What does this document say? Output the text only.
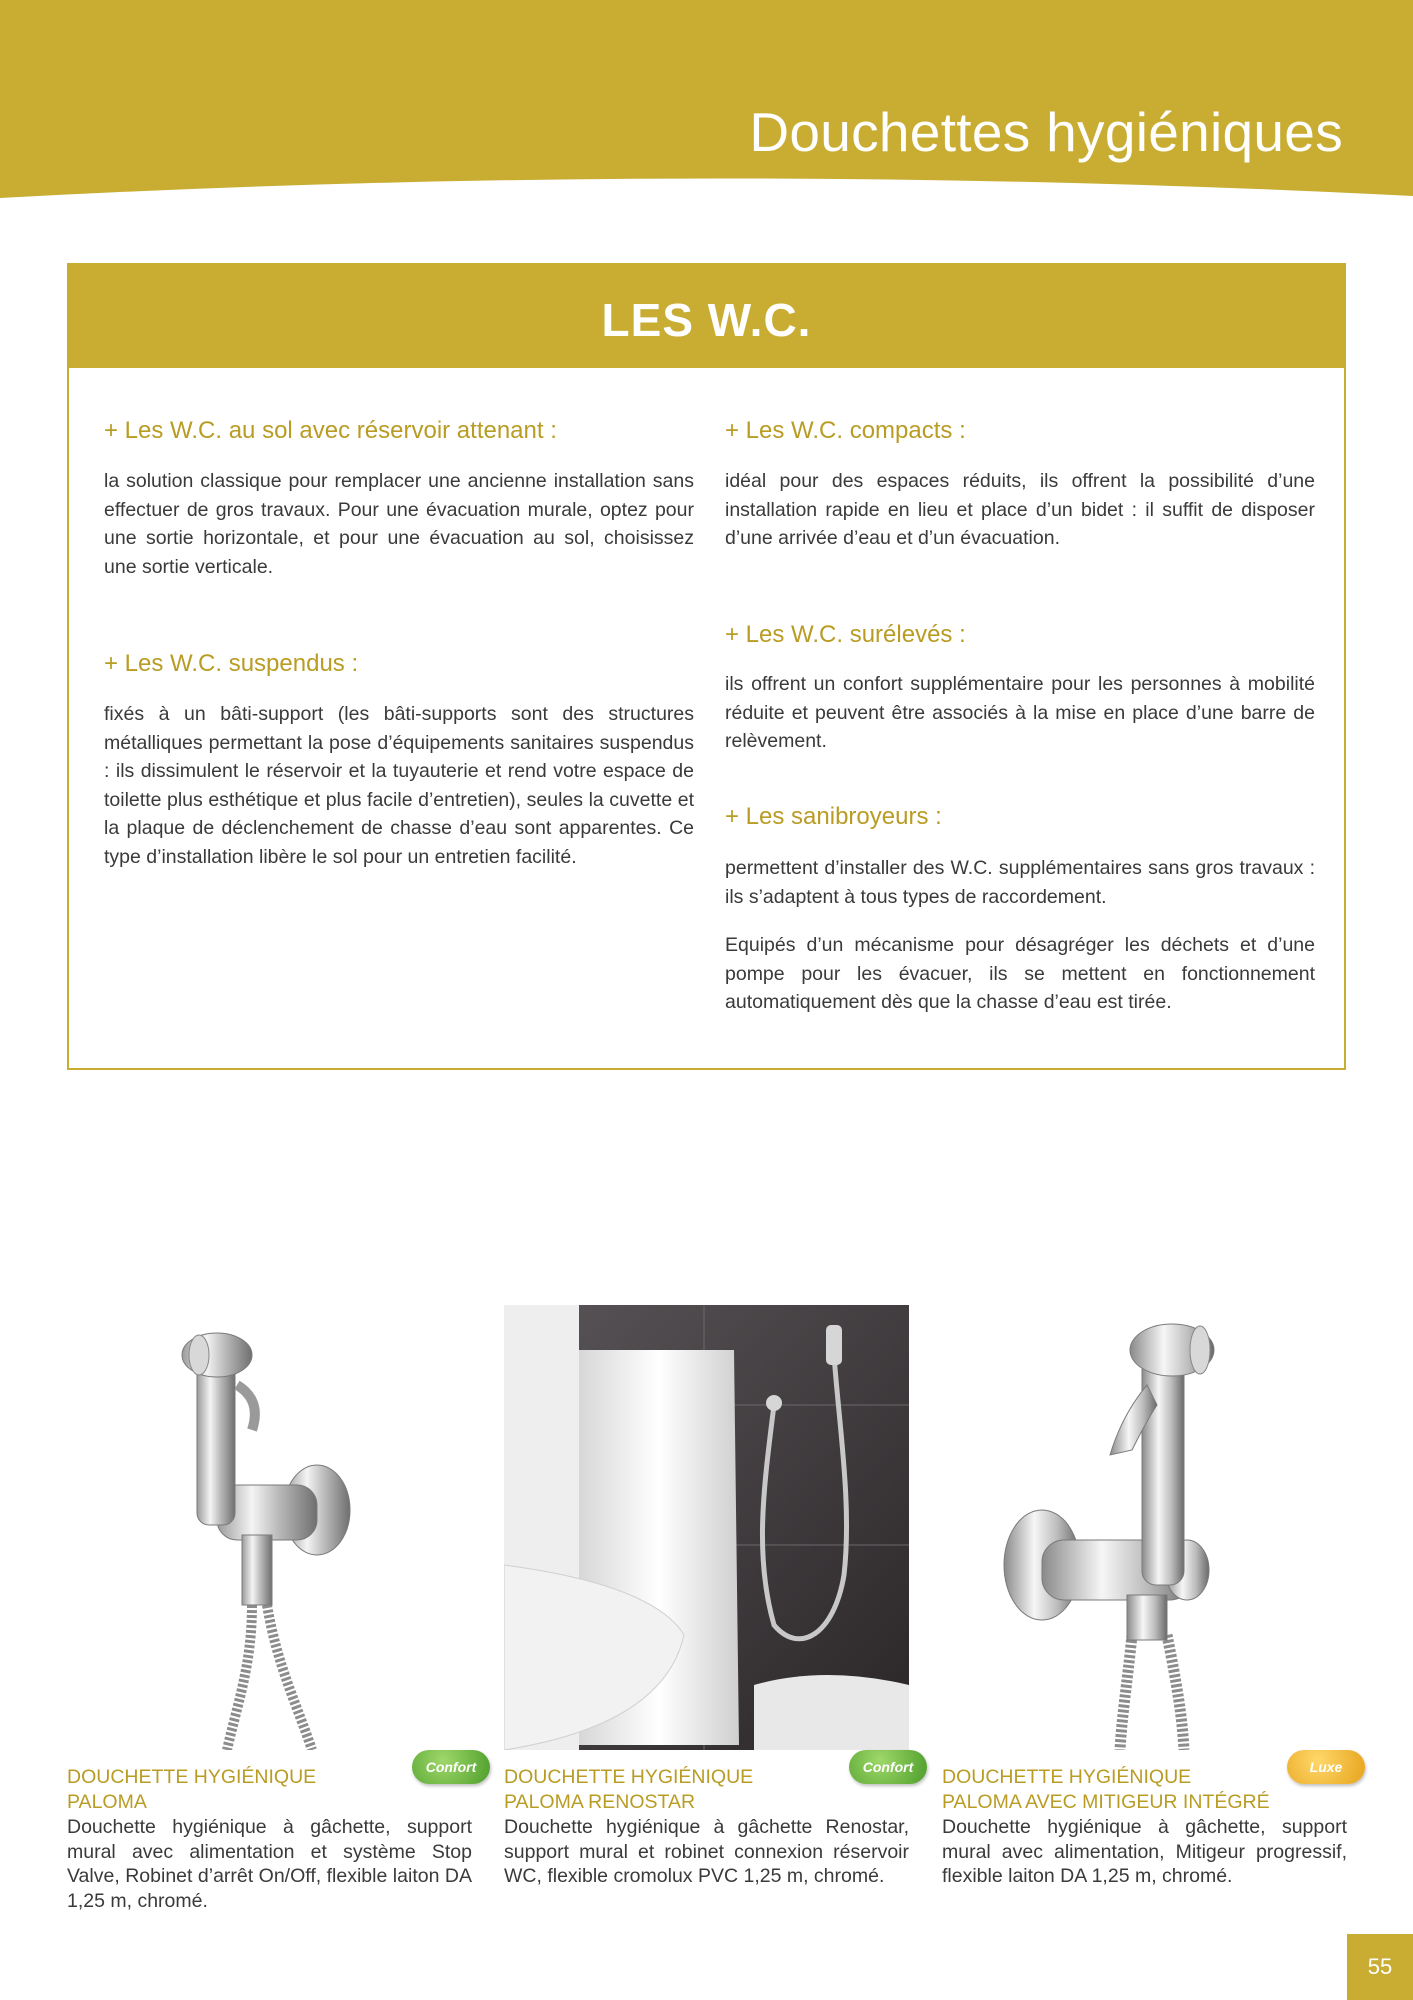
Douchettes hygiéniques
LES W.C.
+ Les W.C. au sol avec réservoir attenant :
la solution classique pour remplacer une ancienne installation sans effectuer de gros travaux. Pour une évacuation murale, optez pour une sortie horizontale, et pour une évacuation au sol, choisissez une sortie verticale.
+ Les W.C. suspendus :
fixés à un bâti-support (les bâti-supports sont des structures métalliques permettant la pose d’équipements sanitaires suspendus : ils dissimulent le réservoir et la tuyauterie et rend votre espace de toilette plus esthétique et plus facile d’entretien), seules la cuvette et la plaque de déclenchement de chasse d’eau sont apparentes. Ce type d’installation libère le sol pour un entretien facilité.
+ Les W.C. compacts :
idéal pour des espaces réduits, ils offrent la possibilité d’une installation rapide en lieu et place d’un bidet : il suffit de disposer d’une arrivée d’eau et d’un évacuation.
+ Les W.C. surélevés :
ils offrent un confort supplémentaire pour les personnes à mobilité réduite et peuvent être associés à la mise en place d’une barre de relèvement.
+ Les sanibroyeurs :
permettent d’installer des W.C. supplémentaires sans gros travaux : ils s’adaptent à tous types de raccordement.
Equipés d’un mécanisme pour désagréger les déchets et d’une pompe pour les évacuer, ils se mettent en fonctionnement automatiquement dès que la chasse d’eau est tirée.
Confort
DOUCHETTE HYGIÉNIQUE
PALOMA
Douchette hygiénique à gâchette, support mural avec alimentation et système Stop Valve, Robinet d’arrêt On/Off, flexible laiton DA 1,25 m, chromé.
Confort
DOUCHETTE HYGIÉNIQUE
PALOMA RENOSTAR
Douchette hygiénique à gâchette Renostar, support mural et robinet connexion réservoir WC, flexible cromolux PVC 1,25 m, chromé.
Luxe
DOUCHETTE HYGIÉNIQUE
PALOMA AVEC MITIGEUR INTÉGRÉ
Douchette hygiénique à gâchette, support mural avec alimentation, Mitigeur progressif, flexible laiton DA 1,25 m, chromé.
55
